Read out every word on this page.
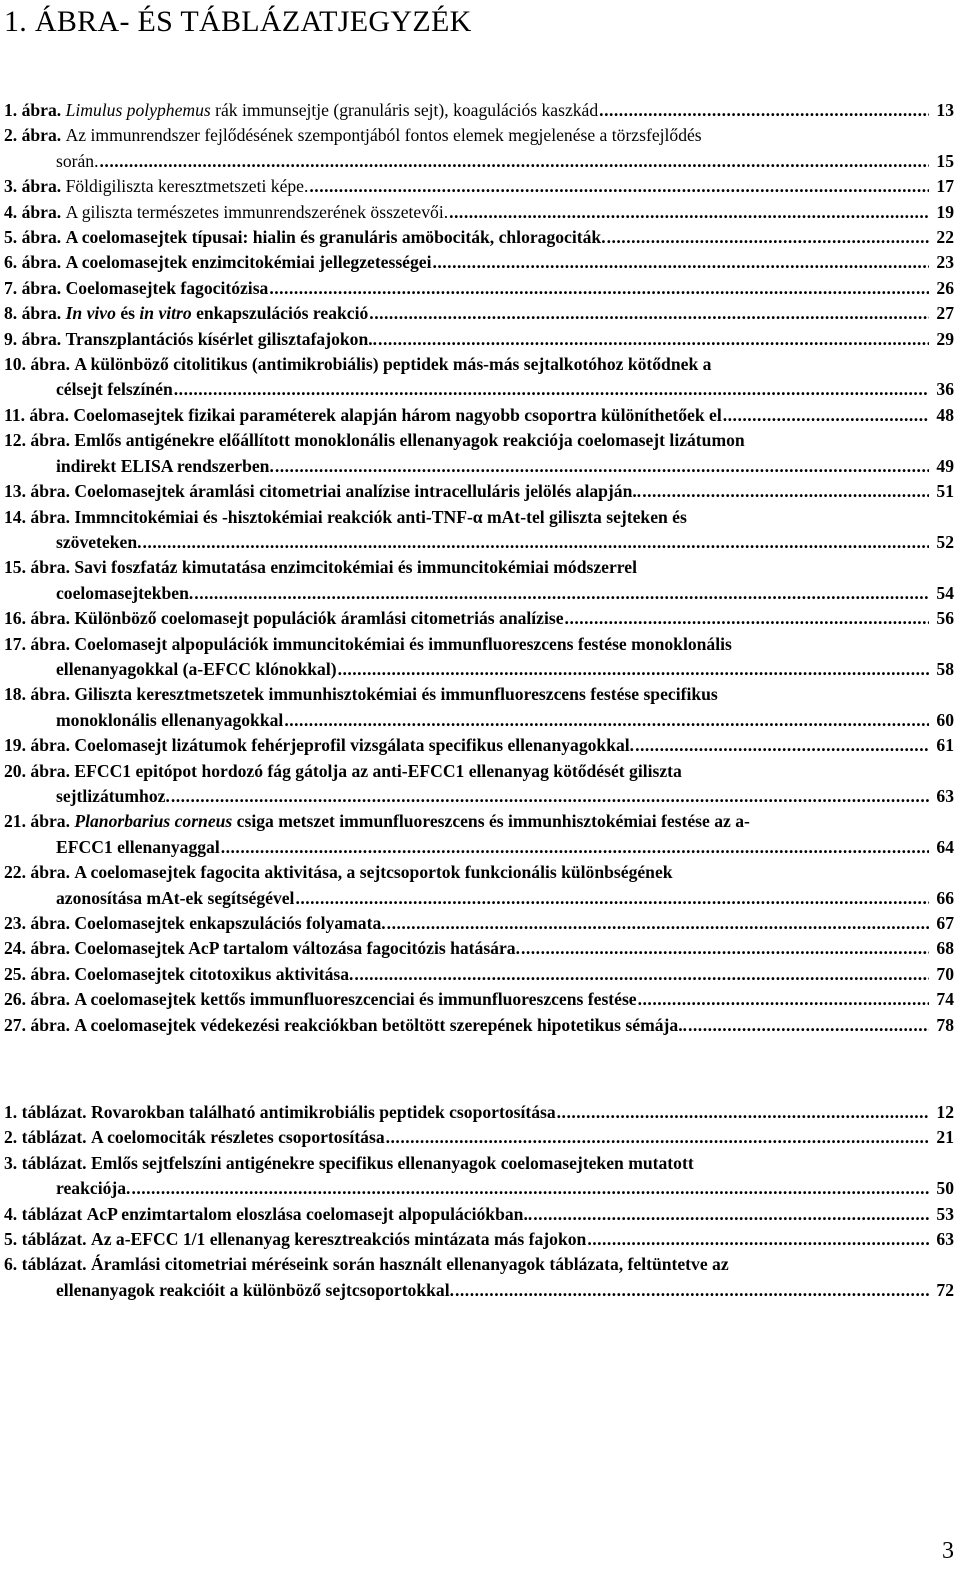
1. ÁBRA- ÉS TÁBLÁZATJEGYZÉK
1. ábra. Limulus polyphemus rák immunsejtje (granuláris sejt), koagulációs kaszkád .....	13
2. ábra. Az immunrendszer fejlődésének szempontjából fontos elemek megjelenése a törzsfejlődés
során. .....	15
3. ábra. Földigiliszta keresztmetszeti képe. .....	17
4. ábra. A giliszta természetes immunrendszerének összetevői. .....	19
5. ábra. A coelomasejtek típusai: hialin és granuláris amöbociták, chloragociták. .....	22
6. ábra. A coelomasejtek enzimcitokémiai jellegzetességei .....	23
7. ábra. Coelomasejtek fagocitózisa .....	26
8. ábra. In vivo és in vitro enkapszulációs reakció .....	27
9. ábra. Transzplantációs kísérlet gilisztafajokon.. .....	29
10. ábra. A különböző citolitikus (antimikrobiális) peptidek más-más sejtalkotóhoz kötődnek a
célsejt felszínén .....	36
11. ábra. Coelomasejtek fizikai paraméterek alapján három nagyobb csoportra különíthetőek el .....	48
12. ábra. Emlős antigénekre előállított monoklonális ellenanyagok reakciója coelomasejt lizátumon
indirekt ELISA rendszerben. .....	49
13. ábra. Coelomasejtek áramlási citometriai analízise intracelluláris jelölés alapján.. .....	51
14. ábra. Immncitokémiai és -hisztokémiai reakciók anti-TNF-α mAt-tel giliszta sejteken és
szöveteken. .....	52
15. ábra. Savi foszfatáz kimutatása enzimcitokémiai és immuncitokémiai módszerrel
coelomasejtekben. .....	54
16. ábra. Különböző coelomasejt populációk áramlási citometriás analízise .....	56
17. ábra. Coelomasejt alpopulációk immuncitokémiai és immunfluoreszcens festése monoklonális
ellenanyagokkal (a-EFCC klónokkal) .....	58
18. ábra. Giliszta keresztmetszetek immunhisztokémiai és immunfluoreszcens festése specifikus
monoklonális ellenanyagokkal .....	60
19. ábra. Coelomasejt lizátumok fehérjeprofil vizsgálata specifikus ellenanyagokkal. .....	61
20. ábra. EFCC1 epitópot hordozó fág gátolja az anti-EFCC1 ellenanyag kötődését giliszta
sejtlizátumhoz. .....	63
21. ábra. Planorbarius corneus csiga metszet immunfluoreszcens és immunhisztokémiai festése az a-
EFCC1 ellenanyaggal .....	64
22. ábra. A coelomasejtek fagocita aktivitása, a sejtcsoportok funkcionális különbségének
azonosítása mAt-ek segítségével .....	66
23. ábra. Coelomasejtek enkapszulációs folyamata. .....	67
24. ábra. Coelomasejtek AcP tartalom változása fagocitózis hatására. .....	68
25. ábra. Coelomasejtek citotoxikus aktivitása. .....	70
26. ábra. A coelomasejtek kettős immunfluoreszcenciai és immunfluoreszcens festése .....	74
27. ábra. A coelomasejtek védekezési reakciókban betöltött szerepének hipotetikus sémája.. .....	78
1. táblázat. Rovarokban található antimikrobiális peptidek csoportosítása .....	12
2. táblázat. A coelomociták részletes csoportosítása .....	21
3. táblázat. Emlős sejtfelszíni antigénekre specifikus ellenanyagok coelomasejteken mutatott
reakciója. .....	50
4. táblázat AcP enzimtartalom eloszlása coelomasejt alpopulációkban.. .....	53
5. táblázat. Az a-EFCC 1/1 ellenanyag keresztreakciós mintázata más fajokon .....	63
6. táblázat. Áramlási citometriai méréseink során használt ellenanyagok táblázata, feltüntetve az
ellenanyagok reakcióit a különböző sejtcsoportokkal. .....	72
3
